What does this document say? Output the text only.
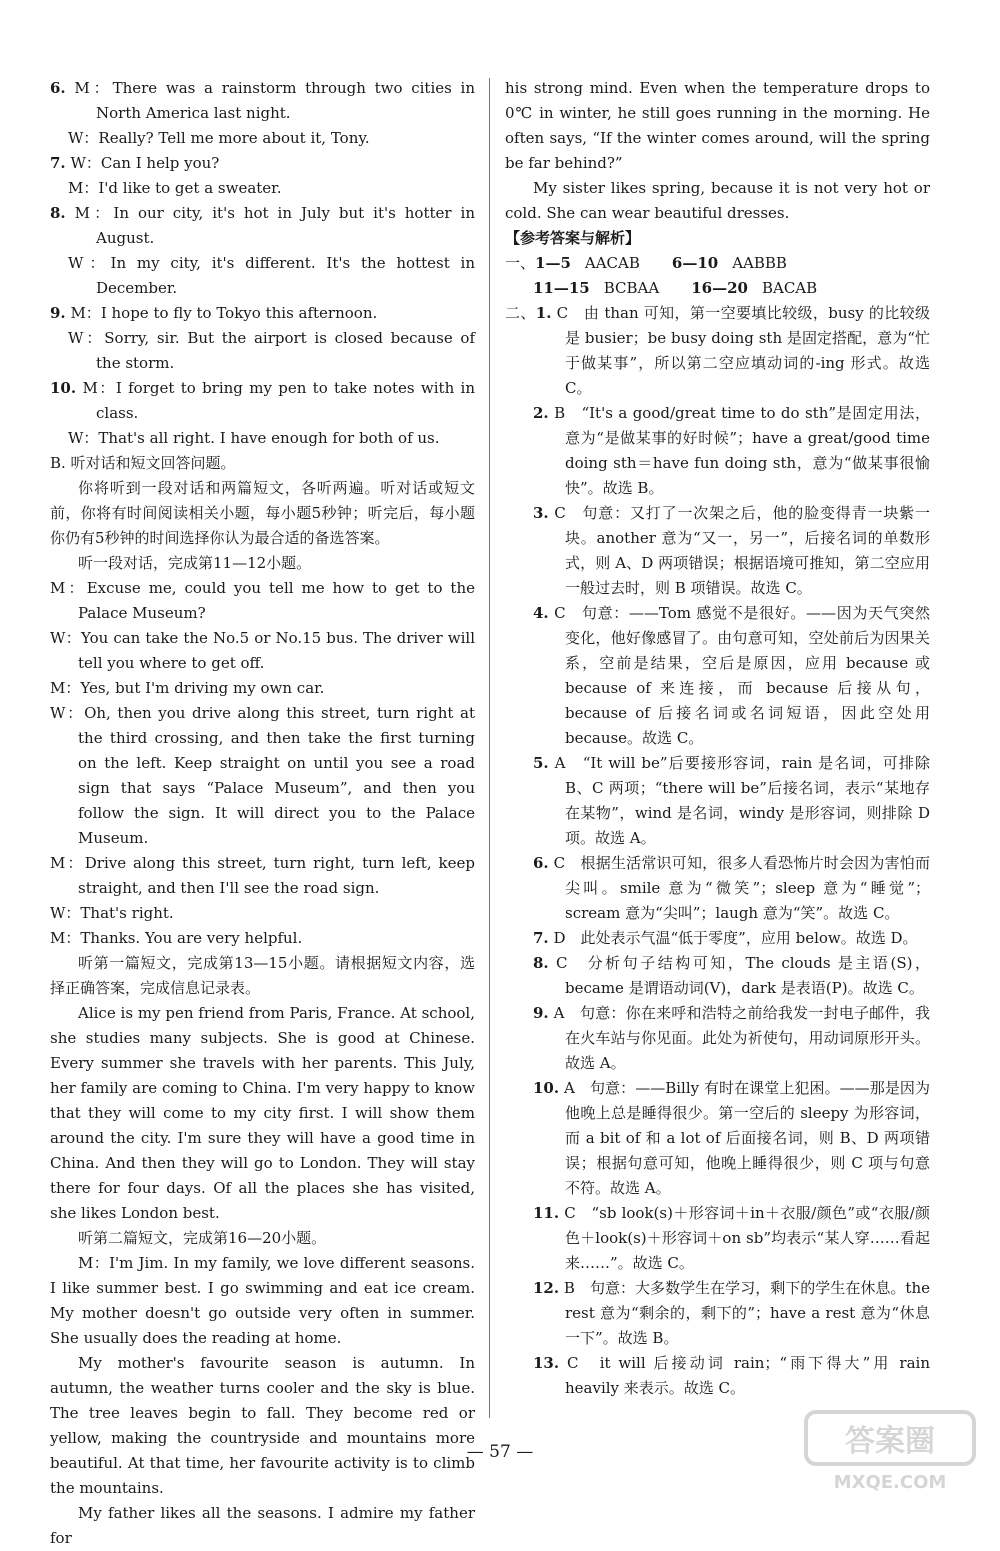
6. M：There was a rainstorm through two cities in North America last night.

W：Really? Tell me more about it, Tony.

7. W：Can I help you?

M：I'd like to get a sweater.

8. M：In our city, it's hot in July but it's hotter in August.

W：In my city, it's different. It's the hottest in December.

9. M：I hope to fly to Tokyo this afternoon.

W：Sorry, sir. But the airport is closed because of the storm.

10. M：I forget to bring my pen to take notes with in class.

W：That's all right. I have enough for both of us.

B. 听对话和短文回答问题。

你将听到一段对话和两篇短文，各听两遍。听对话或短文前，你将有时间阅读相关小题，每小题5秒钟；听完后，每小题你仍有5秒钟的时间选择你认为最合适的备选答案。

听一段对话，完成第11—12小题。

M：Excuse me, could you tell me how to get to the Palace Museum?

W：You can take the No.5 or No.15 bus. The driver will tell you where to get off.

M：Yes, but I'm driving my own car.

W：Oh, then you drive along this street, turn right at the third crossing, and then take the first turning on the left. Keep straight on until you see a road sign that says “Palace Museum”, and then you follow the sign. It will direct you to the Palace Museum.

M：Drive along this street, turn right, turn left, keep straight, and then I'll see the road sign.

W：That's right.

M：Thanks. You are very helpful.

听第一篇短文，完成第13—15小题。请根据短文内容，选择正确答案，完成信息记录表。

Alice is my pen friend from Paris, France. At school, she studies many subjects. She is good at Chinese. Every summer she travels with her parents. This July, her family are coming to China. I'm very happy to know that they will come to my city first. I will show them around the city. I'm sure they will have a good time in China. And then they will go to London. They will stay there for four days. Of all the places she has visited, she likes London best.

听第二篇短文，完成第16—20小题。

M：I'm Jim. In my family, we love different seasons. I like summer best. I go swimming and eat ice cream. My mother doesn't go outside very often in summer. She usually does the reading at home.

My mother's favourite season is autumn. In autumn, the weather turns cooler and the sky is blue. The tree leaves begin to fall. They become red or yellow, making the countryside and mountains more beautiful. At that time, her favourite activity is to climb the mountains.

My father likes all the seasons. I admire my father for

his strong mind. Even when the temperature drops to 0℃ in winter, he still goes running in the morning. He often says, “If the winter comes around, will the spring be far behind?”

My sister likes spring, because it is not very hot or cold. She can wear beautiful dresses.

【参考答案与解析】

一、1—5 AACAB 6—10 AABBB

11—15 BCBAA 16—20 BACAB

二、1. C　由 than 可知，第一空要填比较级，busy 的比较级是 busier；be busy doing sth 是固定搭配，意为“忙于做某事”，所以第二空应填动词的-ing 形式。故选 C。

2. B　“It's a good/great time to do sth”是固定用法，意为“是做某事的好时候”；have a great/good time doing sth＝have fun doing sth，意为“做某事很愉快”。故选 B。

3. C　句意：又打了一次架之后，他的脸变得青一块紫一块。another 意为“又一，另一”，后接名词的单数形式，则 A、D 两项错误；根据语境可推知，第二空应用一般过去时，则 B 项错误。故选 C。

4. C　句意：——Tom 感觉不是很好。——因为天气突然变化，他好像感冒了。由句意可知，空处前后为因果关系，空前是结果，空后是原因，应用 because 或 because of 来连接，而 because 后接从句，because of 后接名词或名词短语，因此空处用 because。故选 C。

5. A　“It will be”后要接形容词，rain 是名词，可排除 B、C 两项；“there will be”后接名词，表示“某地存在某物”，wind 是名词，windy 是形容词，则排除 D 项。故选 A。

6. C　根据生活常识可知，很多人看恐怖片时会因为害怕而尖叫。smile 意为“微笑”；sleep 意为“睡觉”；scream 意为“尖叫”；laugh 意为“笑”。故选 C。

7. D　此处表示气温“低于零度”，应用 below。故选 D。

8. C　分析句子结构可知，The clouds 是主语(S)，became 是谓语动词(V)，dark 是表语(P)。故选 C。

9. A　句意：你在来呼和浩特之前给我发一封电子邮件，我在火车站与你见面。此处为祈使句，用动词原形开头。故选 A。

10. A　句意：——Billy 有时在课堂上犯困。——那是因为他晚上总是睡得很少。第一空后的 sleepy 为形容词，而 a bit of 和 a lot of 后面接名词，则 B、D 两项错误；根据句意可知，他晚上睡得很少，则 C 项与句意不符。故选 A。

11. C　“sb look(s)＋形容词＋in＋衣服/颜色”或“衣服/颜色＋look(s)＋形容词＋on sb”均表示“某人穿……看起来……”。故选 C。

12. B　句意：大多数学生在学习，剩下的学生在休息。the rest 意为“剩余的，剩下的”；have a rest 意为“休息一下”。故选 B。

13. C　it will 后接动词 rain；“雨下得大”用 rain heavily 来表示。故选 C。

— 57 —	答案圈
MXQE.COM
